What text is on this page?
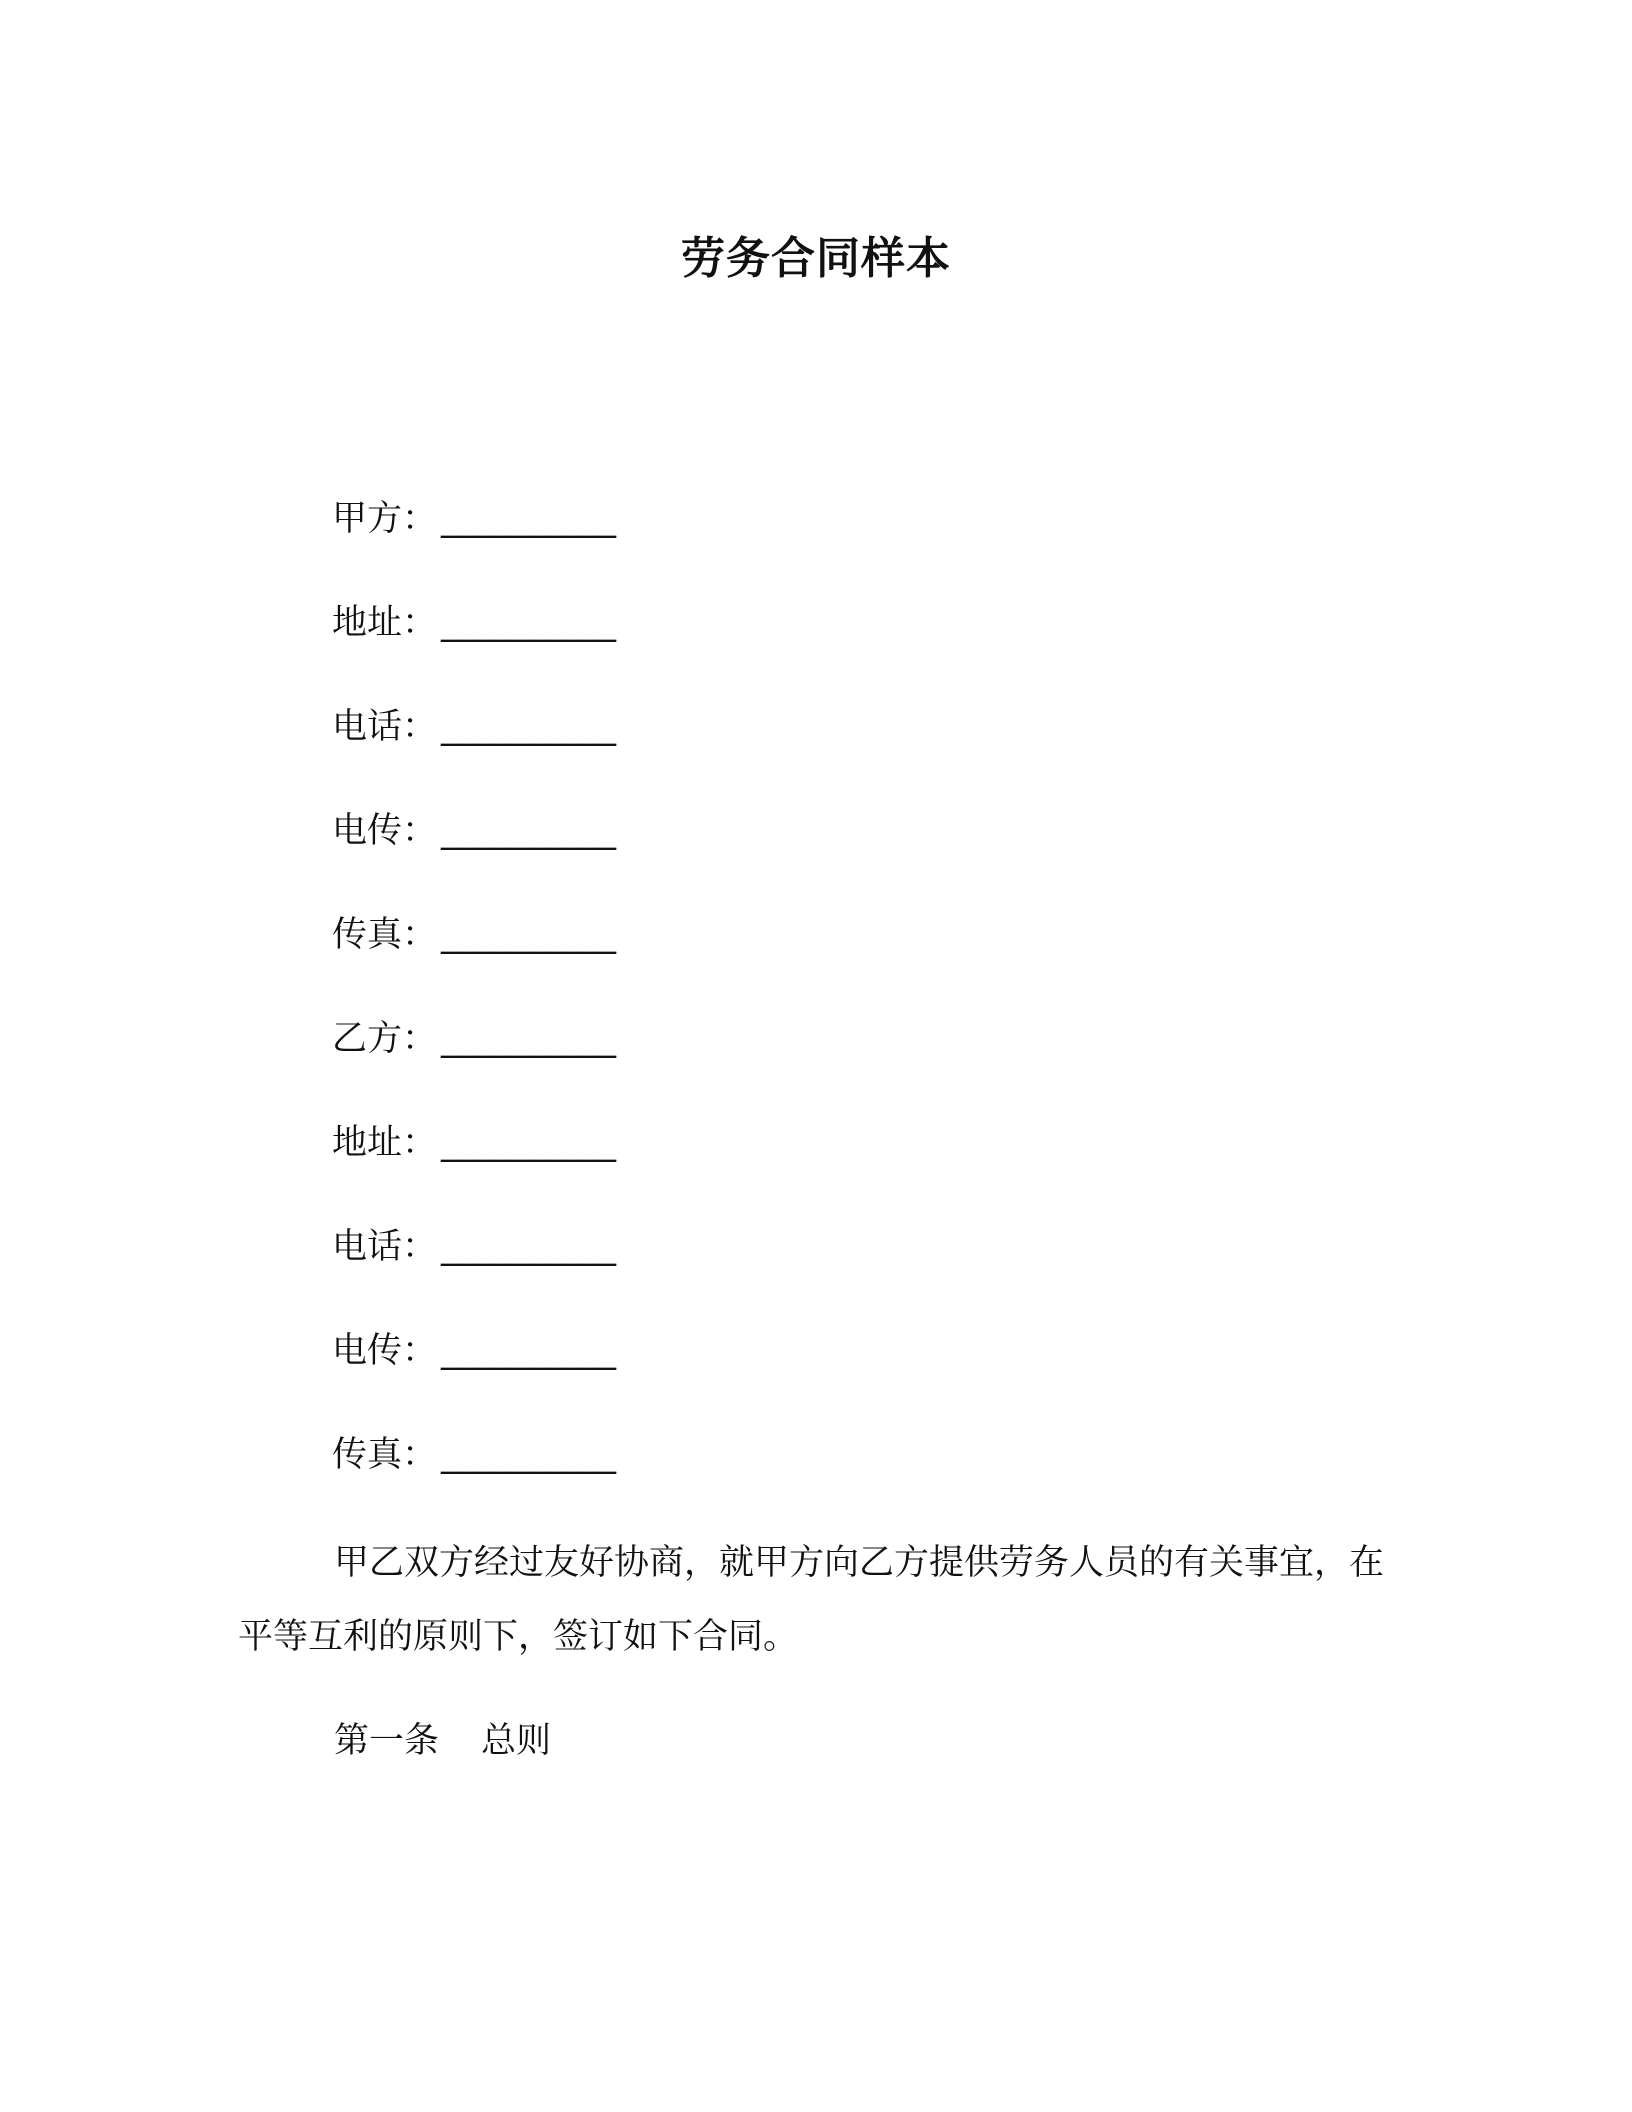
劳务合同样本
甲方： __________
地址： __________
电话： __________
电传： __________
传真： __________
乙方： __________
地址： __________
电话： __________
电传： __________
传真： __________
甲乙双方经过友好协商，就甲方向乙方提供劳务人员的有关事宜，在平等互利的原则下，签订如下合同。
第一条 总则
